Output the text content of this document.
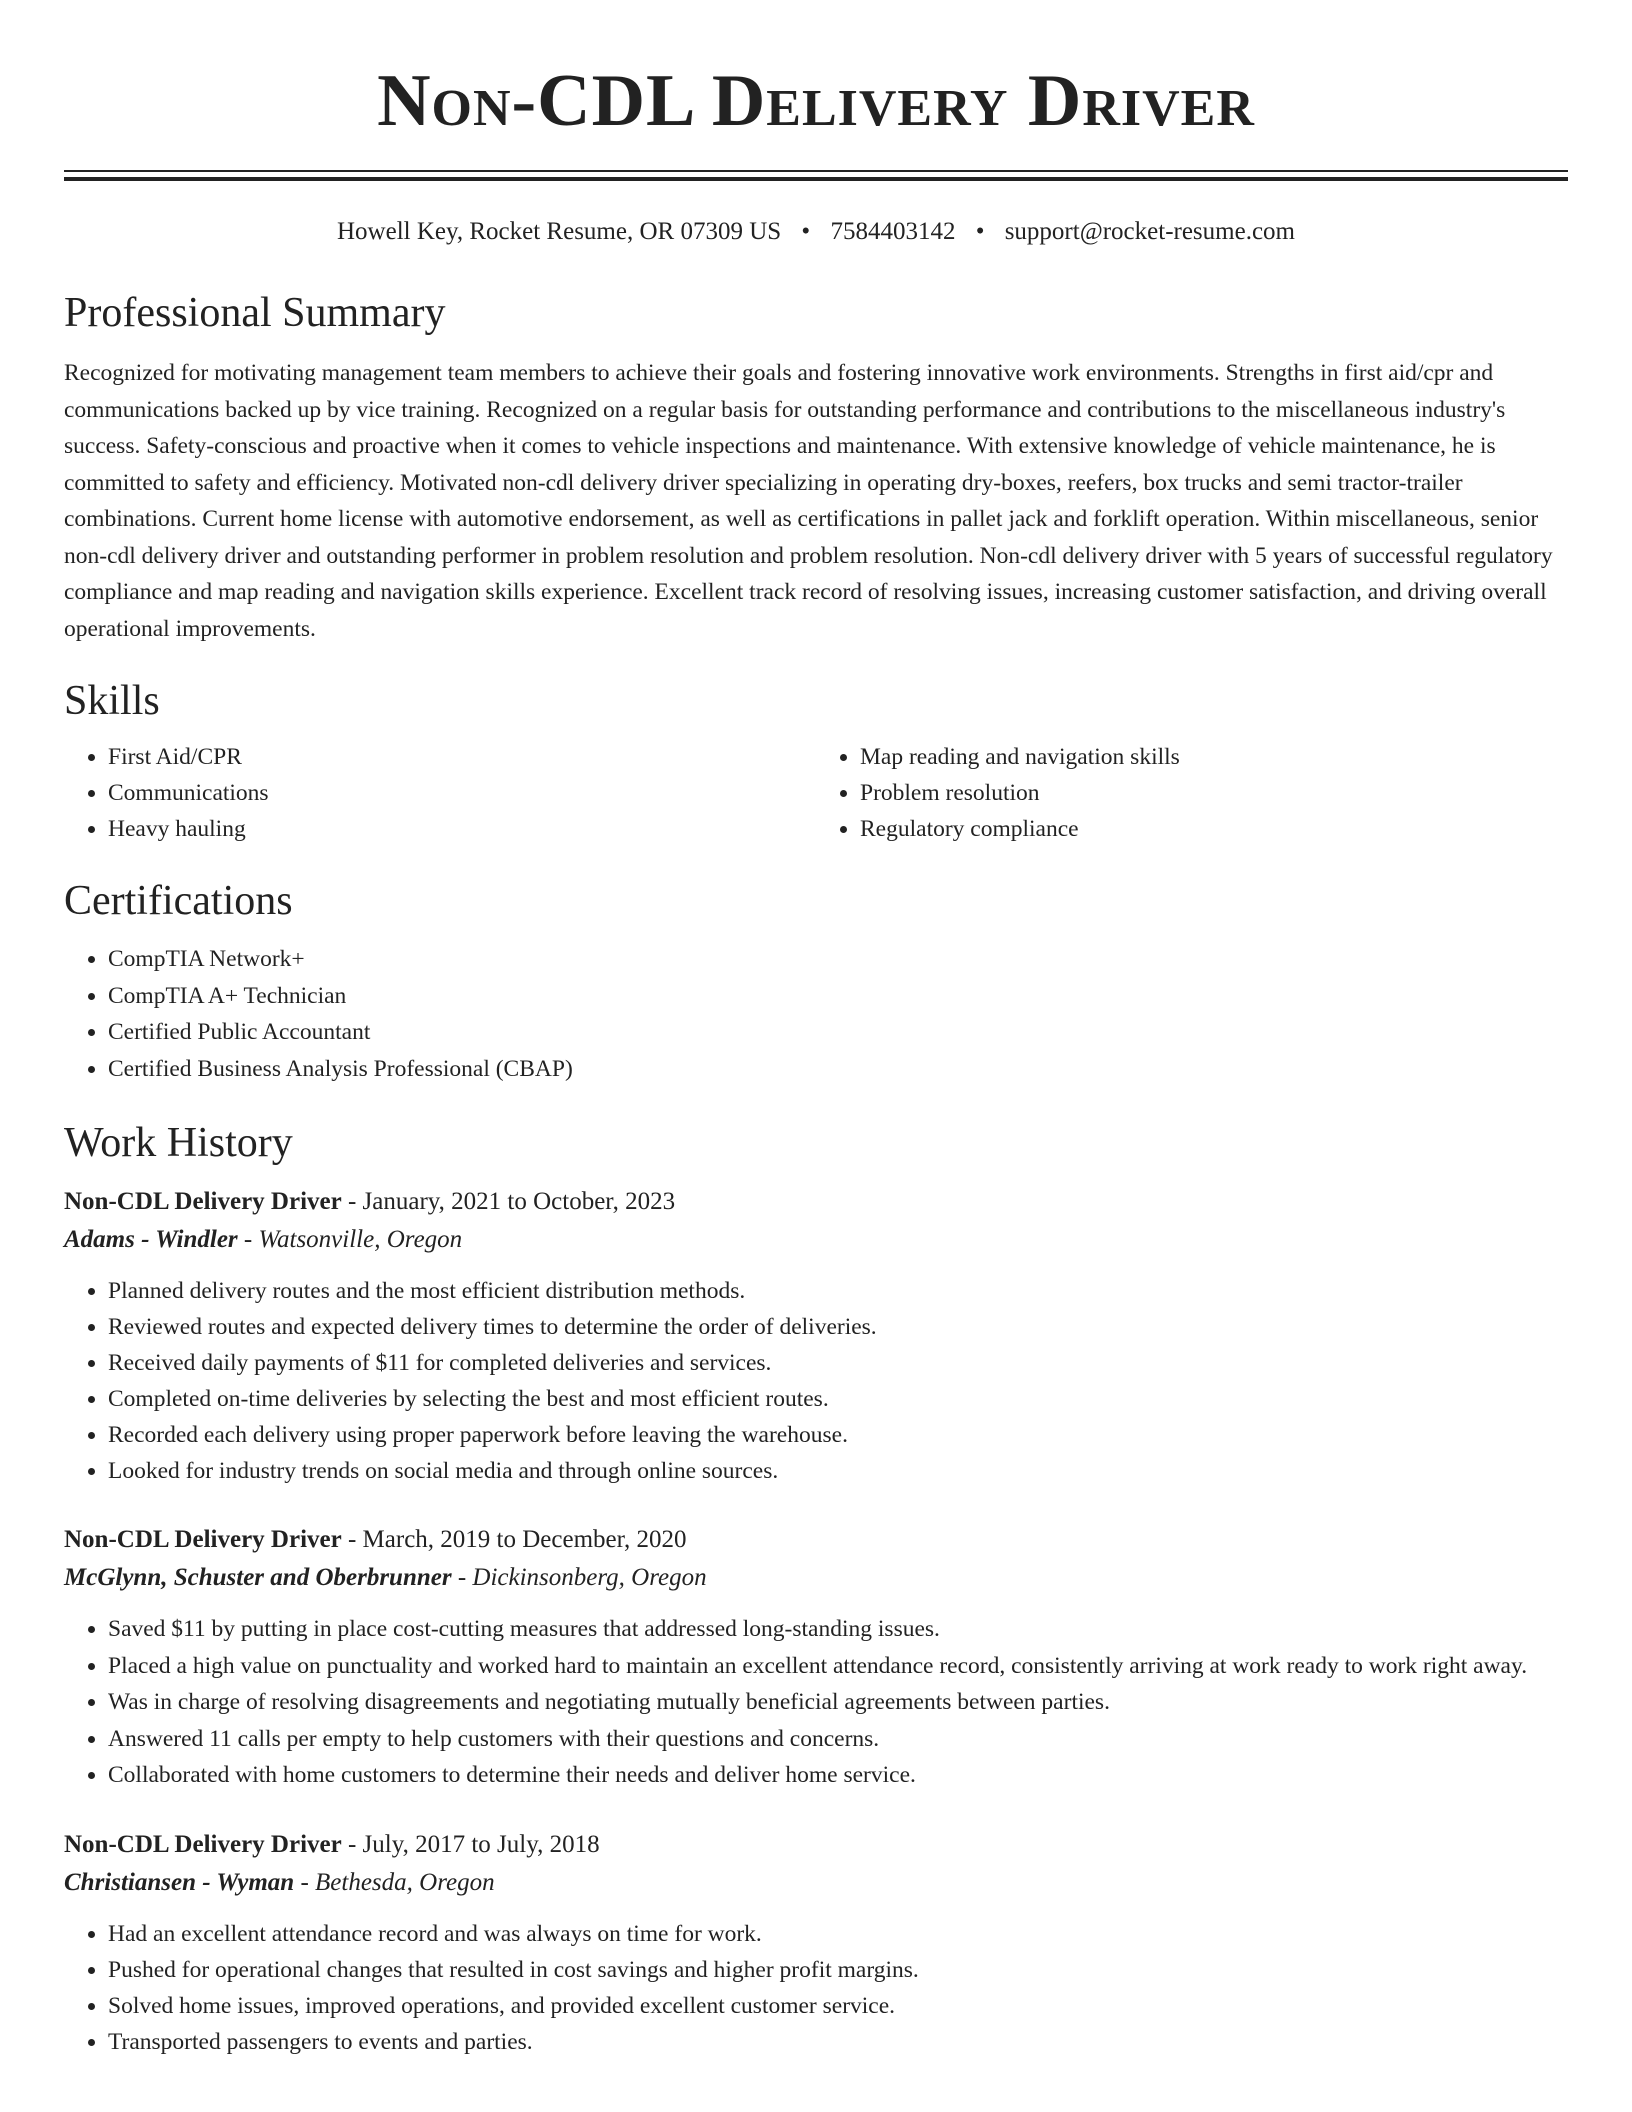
Non-CDL Delivery Driver
Howell Key, Rocket Resume, OR 07309 US • 7584403142 • support@rocket-resume.com
Professional Summary

Recognized for motivating management team members to achieve their goals and fostering innovative work environments. Strengths in first aid/cpr and communications backed up by vice training. Recognized on a regular basis for outstanding performance and contributions to the miscellaneous industry's success. Safety-conscious and proactive when it comes to vehicle inspections and maintenance. With extensive knowledge of vehicle maintenance, he is committed to safety and efficiency. Motivated non-cdl delivery driver specializing in operating dry-boxes, reefers, box trucks and semi tractor-trailer combinations. Current home license with automotive endorsement, as well as certifications in pallet jack and forklift operation. Within miscellaneous, senior non-cdl delivery driver and outstanding performer in problem resolution and problem resolution. Non-cdl delivery driver with 5 years of successful regulatory compliance and map reading and navigation skills experience. Excellent track record of resolving issues, increasing customer satisfaction, and driving overall operational improvements.

Skills
• First Aid/CPR
• Communications
• Heavy hauling
• Map reading and navigation skills
• Problem resolution
• Regulatory compliance
Certifications
• CompTIA Network+
• CompTIA A+ Technician
• Certified Public Accountant
• Certified Business Analysis Professional (CBAP)
Work History
Non-CDL Delivery Driver - January, 2021 to October, 2023
Adams - Windler - Watsonville, Oregon
• Planned delivery routes and the most efficient distribution methods.
• Reviewed routes and expected delivery times to determine the order of deliveries.
• Received daily payments of $11 for completed deliveries and services.
• Completed on-time deliveries by selecting the best and most efficient routes.
• Recorded each delivery using proper paperwork before leaving the warehouse.
• Looked for industry trends on social media and through online sources.
Non-CDL Delivery Driver - March, 2019 to December, 2020
McGlynn, Schuster and Oberbrunner - Dickinsonberg, Oregon
• Saved $11 by putting in place cost-cutting measures that addressed long-standing issues.
• Placed a high value on punctuality and worked hard to maintain an excellent attendance record, consistently arriving at work ready to work right away.
• Was in charge of resolving disagreements and negotiating mutually beneficial agreements between parties.
• Answered 11 calls per empty to help customers with their questions and concerns.
• Collaborated with home customers to determine their needs and deliver home service.
Non-CDL Delivery Driver - July, 2017 to July, 2018
Christiansen - Wyman - Bethesda, Oregon
• Had an excellent attendance record and was always on time for work.
• Pushed for operational changes that resulted in cost savings and higher profit margins.
• Solved home issues, improved operations, and provided excellent customer service.
• Transported passengers to events and parties.
